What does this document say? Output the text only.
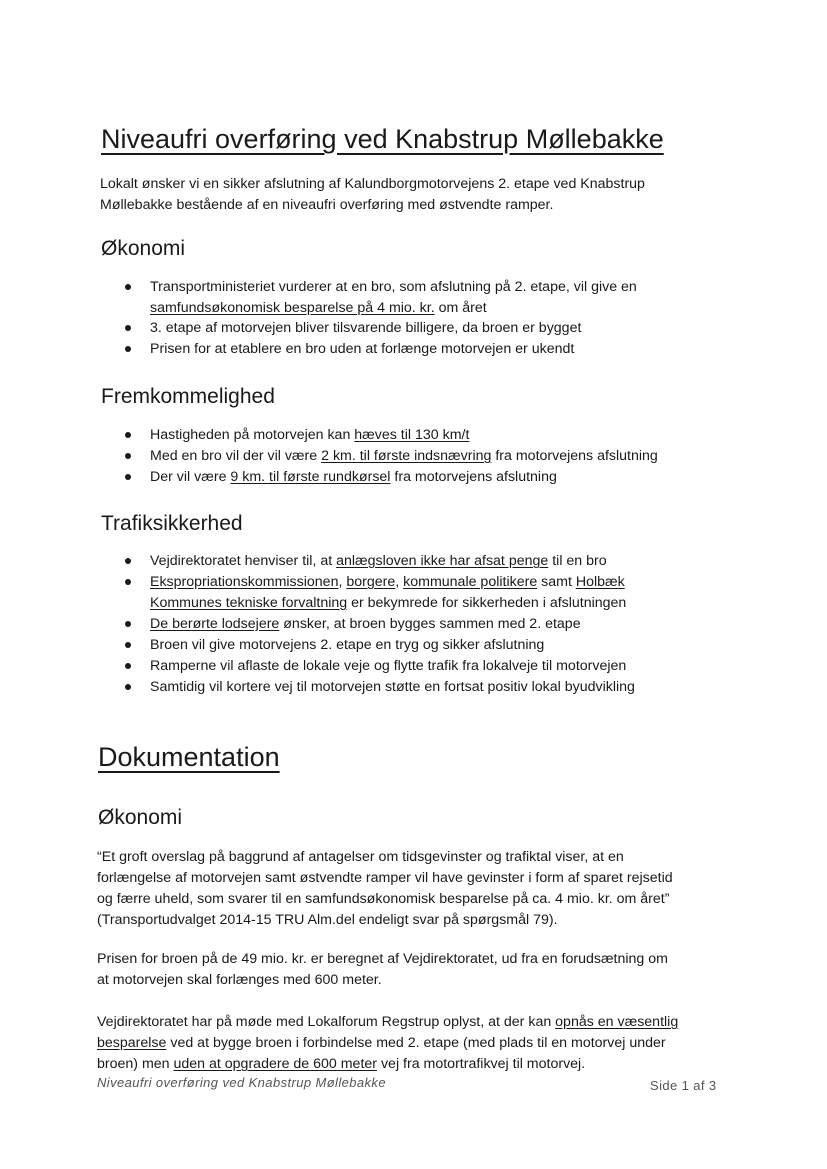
Niveaufri overføring ved Knabstrup Møllebakke
Lokalt ønsker vi en sikker afslutning af Kalundborgmotorvejens 2. etape ved Knabstrup
Møllebakke bestående af en niveaufri overføring med østvendte ramper.
Økonomi
Transportministeriet vurderer at en bro, som afslutning på 2. etape, vil give en
samfundsøkonomisk besparelse på 4 mio. kr. om året
3. etape af motorvejen bliver tilsvarende billigere, da broen er bygget
Prisen for at etablere en bro uden at forlænge motorvejen er ukendt
Fremkommelighed
Hastigheden på motorvejen kan hæves til 130 km/t
Med en bro vil der vil være 2 km. til første indsnævring fra motorvejens afslutning
Der vil være 9 km. til første rundkørsel fra motorvejens afslutning
Trafiksikkerhed
Vejdirektoratet henviser til, at anlægsloven ikke har afsat penge til en bro
Ekspropriationskommissionen, borgere, kommunale politikere samt Holbæk
Kommunes tekniske forvaltning er bekymrede for sikkerheden i afslutningen
De berørte lodsejere ønsker, at broen bygges sammen med 2. etape
Broen vil give motorvejens 2. etape en tryg og sikker afslutning
Ramperne vil aflaste de lokale veje og flytte trafik fra lokalveje til motorvejen
Samtidig vil kortere vej til motorvejen støtte en fortsat positiv lokal byudvikling
Dokumentation
Økonomi
“Et groft overslag på baggrund af antagelser om tidsgevinster og trafiktal viser, at en
forlængelse af motorvejen samt østvendte ramper vil have gevinster i form af sparet rejsetid
og færre uheld, som svarer til en samfundsøkonomisk besparelse på ca. 4 mio. kr. om året”
(Transportudvalget 2014-15 TRU Alm.del endeligt svar på spørgsmål 79).
Prisen for broen på de 49 mio. kr. er beregnet af Vejdirektoratet, ud fra en forudsætning om
at motorvejen skal forlænges med 600 meter.
Vejdirektoratet har på møde med Lokalforum Regstrup oplyst, at der kan opnås en væsentlig
besparelse ved at bygge broen i forbindelse med 2. etape (med plads til en motorvej under
broen) men uden at opgradere de 600 meter vej fra motortrafikvej til motorvej.
Niveaufri overføring ved Knabstrup Møllebakke	Side 1 af 3
